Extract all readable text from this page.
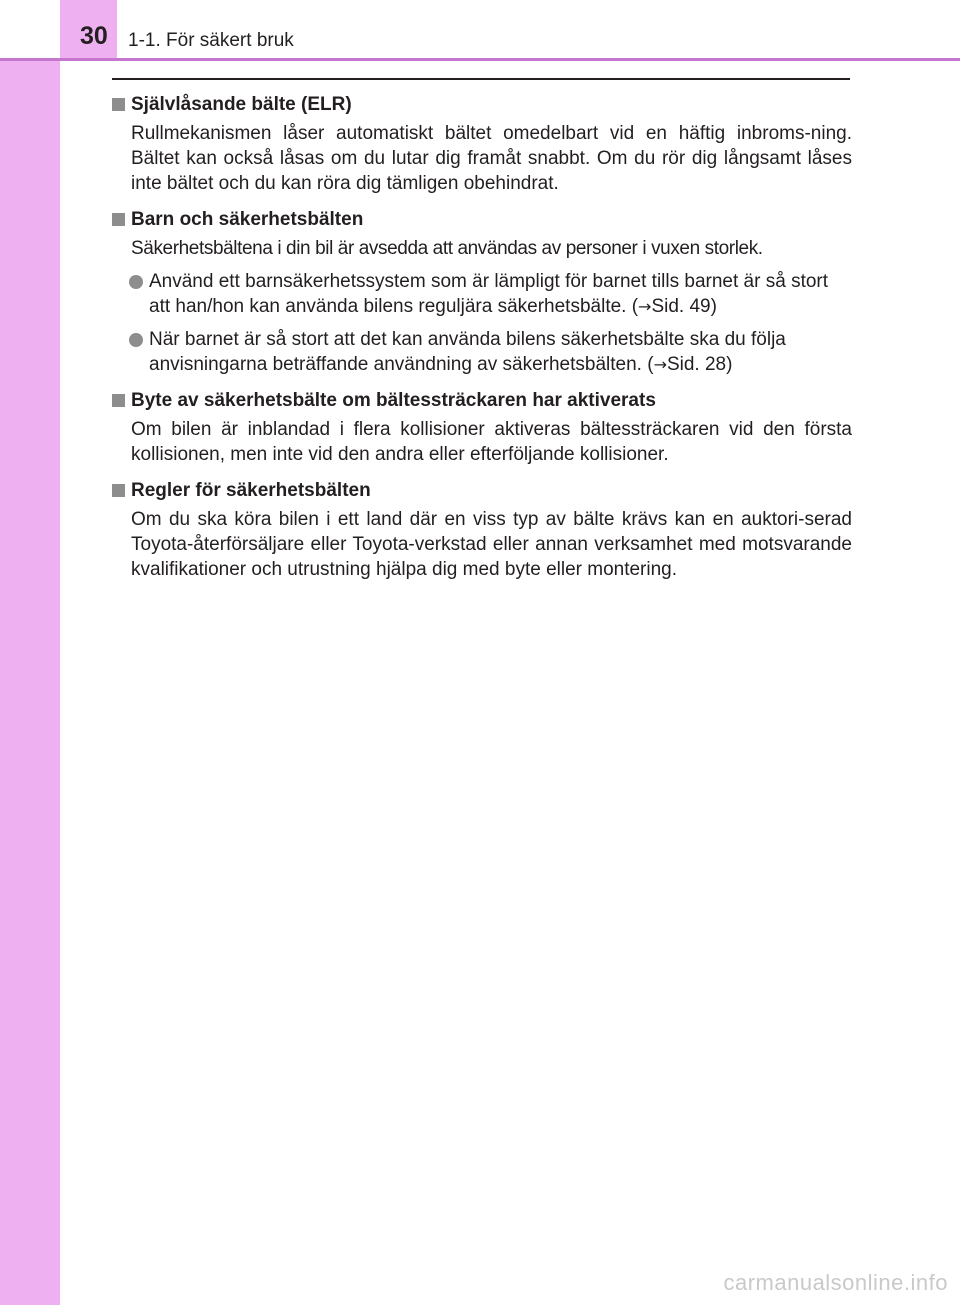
30 1-1. För säkert bruk
Självlåsande bälte (ELR)
Rullmekanismen låser automatiskt bältet omedelbart vid en häftig inbroms-ning. Bältet kan också låsas om du lutar dig framåt snabbt. Om du rör dig långsamt låses inte bältet och du kan röra dig tämligen obehindrat.
Barn och säkerhetsbälten
Säkerhetsbältena i din bil är avsedda att användas av personer i vuxen storlek.
Använd ett barnsäkerhetssystem som är lämpligt för barnet tills barnet är så stort att han/hon kan använda bilens reguljära säkerhetsbälte. (→Sid. 49)
När barnet är så stort att det kan använda bilens säkerhetsbälte ska du följa anvisningarna beträffande användning av säkerhetsbälten. (→Sid. 28)
Byte av säkerhetsbälte om bältessträckaren har aktiverats
Om bilen är inblandad i flera kollisioner aktiveras bältessträckaren vid den första kollisionen, men inte vid den andra eller efterföljande kollisioner.
Regler för säkerhetsbälten
Om du ska köra bilen i ett land där en viss typ av bälte krävs kan en auktori-serad Toyota-återförsäljare eller Toyota-verkstad eller annan verksamhet med motsvarande kvalifikationer och utrustning hjälpa dig med byte eller montering.
carmanualsonline.info
